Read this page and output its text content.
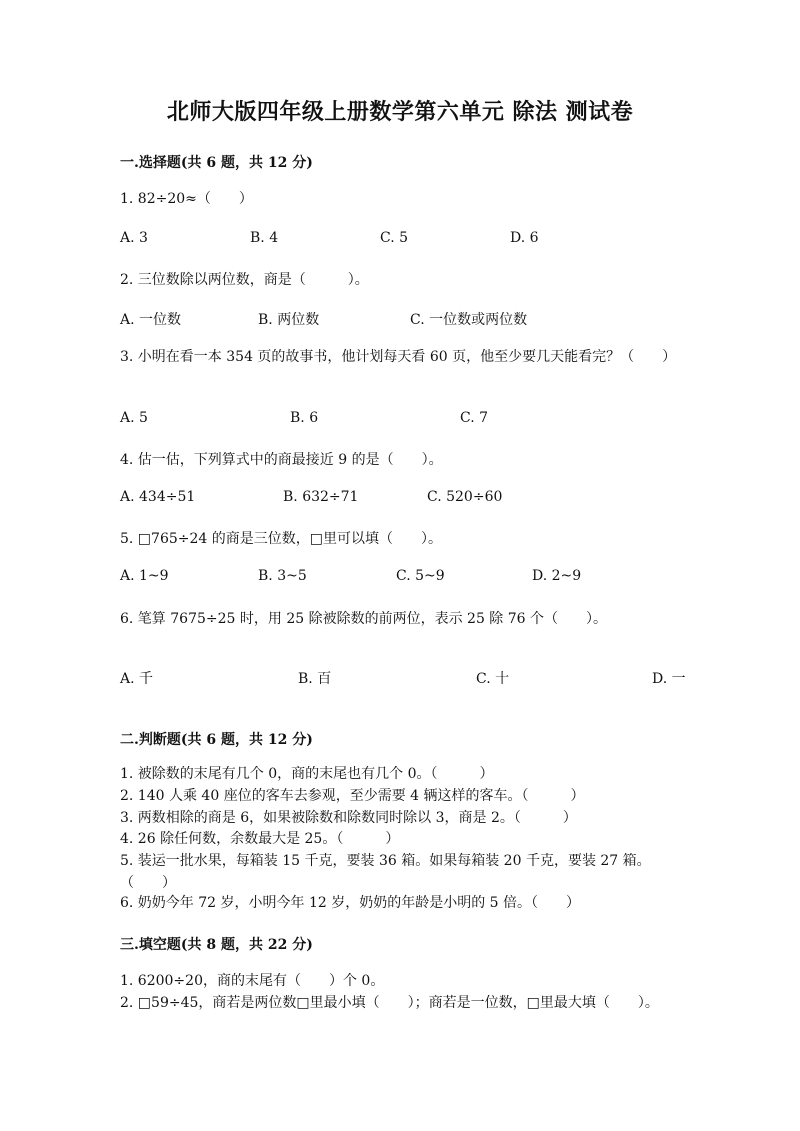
北师大版四年级上册数学第六单元 除法 测试卷
一.选择题(共 6 题，共 12 分)
1. 82÷20≈（　　）
A. 3	B. 4	C. 5	D. 6
2. 三位数除以两位数，商是（　　　）。
A. 一位数	B. 两位数	C. 一位数或两位数
3. 小明在看一本 354 页的故事书，他计划每天看 60 页，他至少要几天能看完？（　　）
A. 5	B. 6	C. 7
4. 估一估，下列算式中的商最接近 9 的是（　　）。
A. 434÷51	B. 632÷71	C. 520÷60
5. □765÷24 的商是三位数，□里可以填（　　）。
A. 1~9	B. 3~5	C. 5~9	D. 2~9
6. 笔算 7675÷25 时，用 25 除被除数的前两位，表示 25 除 76 个（　　）。
A. 千	B. 百	C. 十	D. 一
二.判断题(共 6 题，共 12 分)
1. 被除数的末尾有几个 0，商的末尾也有几个 0。（　　　）
2. 140 人乘 40 座位的客车去参观，至少需要 4 辆这样的客车。（　　　）
3. 两数相除的商是 6，如果被除数和除数同时除以 3，商是 2。（　　　）
4. 26 除任何数，余数最大是 25。（　　　）
5. 装运一批水果，每箱装 15 千克，要装 36 箱。如果每箱装 20 千克，要装 27 箱。（　　）
6. 奶奶今年 72 岁，小明今年 12 岁，奶奶的年龄是小明的 5 倍。（　　）
三.填空题(共 8 题，共 22 分)
1. 6200÷20，商的末尾有（　　）个 0。
2. □59÷45，商若是两位数□里最小填（　　）；商若是一位数，□里最大填（　　）。
